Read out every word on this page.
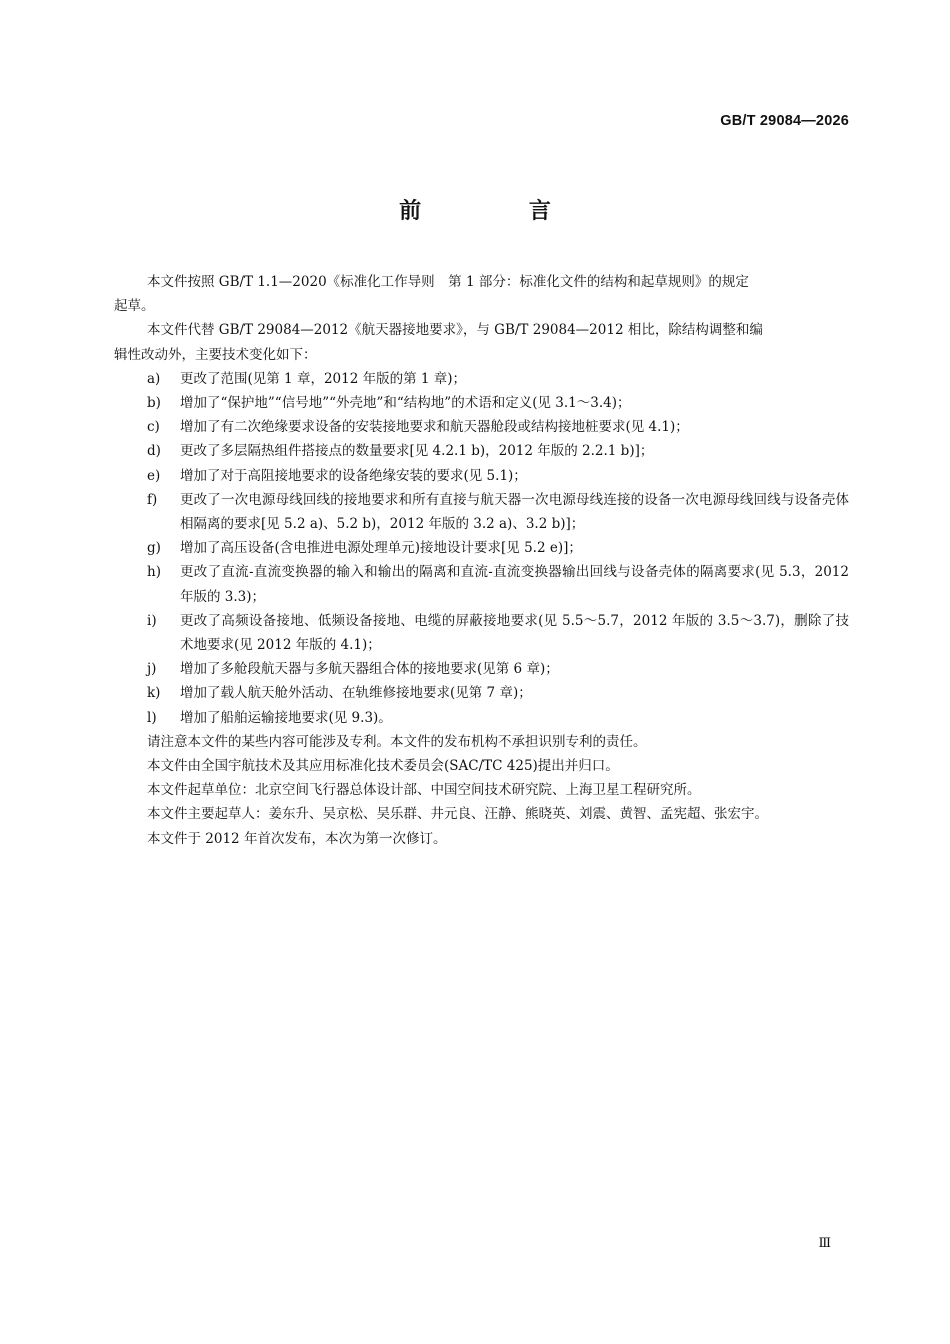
GB/T 29084—2026
前 言

本文件按照 GB/T 1.1—2020《标准化工作导则　第 1 部分：标准化文件的结构和起草规则》的规定

起草。

本文件代替 GB/T 29084—2012《航天器接地要求》，与 GB/T 29084—2012 相比，除结构调整和编

辑性改动外，主要技术变化如下：

a)	更改了范围(见第 1 章，2012 年版的第 1 章)；
b)	增加了“保护地”“信号地”“外壳地”和“结构地”的术语和定义(见 3.1～3.4)；
c)	增加了有二次绝缘要求设备的安装接地要求和航天器舱段或结构接地桩要求(见 4.1)；
d)	更改了多层隔热组件搭接点的数量要求[见 4.2.1 b)，2012 年版的 2.2.1 b)]；
e)	增加了对于高阻接地要求的设备绝缘安装的要求(见 5.1)；
f)	更改了一次电源母线回线的接地要求和所有直接与航天器一次电源母线连接的设备一次电源母线回线与设备壳体相隔离的要求[见 5.2 a)、5.2 b)，2012 年版的 3.2 a)、3.2 b)]；
g)	增加了高压设备(含电推进电源处理单元)接地设计要求[见 5.2 e)]；
h)	更改了直流-直流变换器的输入和输出的隔离和直流-直流变换器输出回线与设备壳体的隔离要求(见 5.3，2012 年版的 3.3)；
i)	更改了高频设备接地、低频设备接地、电缆的屏蔽接地要求(见 5.5～5.7，2012 年版的 3.5～3.7)，删除了技术地要求(见 2012 年版的 4.1)；
j)	增加了多舱段航天器与多航天器组合体的接地要求(见第 6 章)；
k)	增加了载人航天舱外活动、在轨维修接地要求(见第 7 章)；
l)	增加了船舶运输接地要求(见 9.3)。

请注意本文件的某些内容可能涉及专利。本文件的发布机构不承担识别专利的责任。

本文件由全国宇航技术及其应用标准化技术委员会(SAC/TC 425)提出并归口。

本文件起草单位：北京空间飞行器总体设计部、中国空间技术研究院、上海卫星工程研究所。

本文件主要起草人：姜东升、吴京松、吴乐群、井元良、汪静、熊晓英、刘震、黄智、孟宪超、张宏宇。

本文件于 2012 年首次发布，本次为第一次修订。

Ⅲ
